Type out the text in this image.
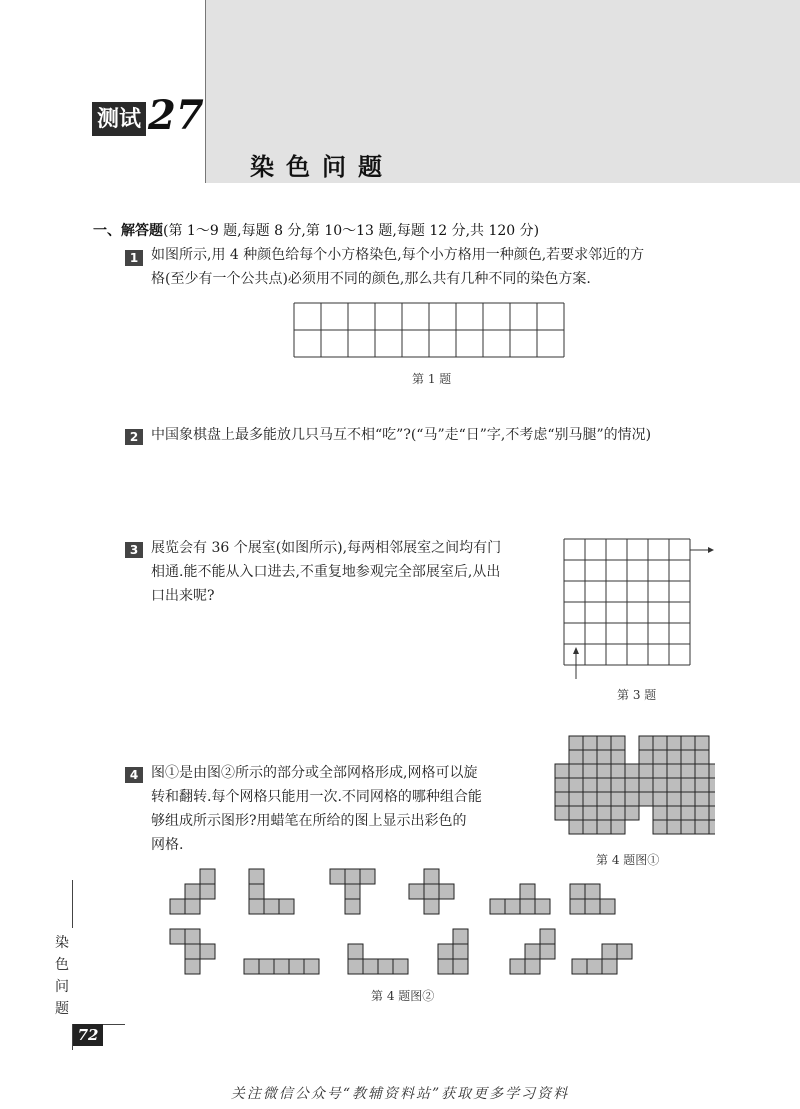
测试 27
染色问题
一、解答题(第 1～9 题,每题 8 分,第 10～13 题,每题 12 分,共 120 分)
1 如图所示,用 4 种颜色给每个小方格染色,每个小方格用一种颜色,若要求邻近的方
格(至少有一个公共点)必须用不同的颜色,那么共有几种不同的染色方案.
第 1 题
2 中国象棋盘上最多能放几只马互不相“吃”?(“马”走“日”字,不考虑“别马腿”的情况)
3 展览会有 36 个展室(如图所示),每两相邻展室之间均有门
相通.能不能从入口进去,不重复地参观完全部展室后,从出
口出来呢?
第 3 题
4 图①是由图②所示的部分或全部网格形成,网格可以旋
转和翻转.每个网格只能用一次.不同网格的哪种组合能
够组成所示图形?用蜡笔在所给的图上显示出彩色的
网格.
第 4 题图①
第 4 题图②
染
色
问
题
72
关注微信公众号“教辅资料站”获取更多学习资料
